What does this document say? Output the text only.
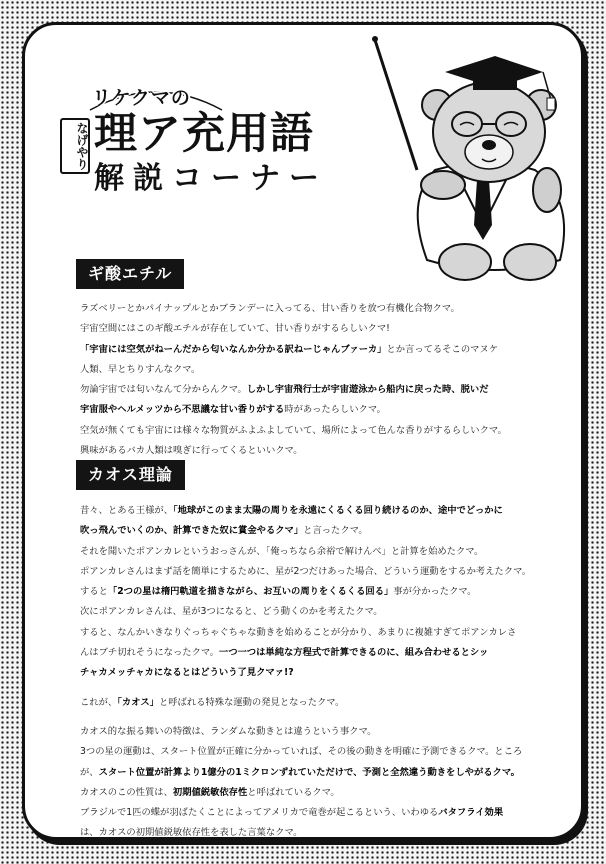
リケクマの
なげやり 理ア充用語
解説コーナー
ギ酸エチル
ラズベリーとかパイナップルとかブランデーに入ってる、甘い香りを放つ有機化合物クマ。
宇宙空間にはこのギ酸エチルが存在していて、甘い香りがするらしいクマ!
「宇宙には空気がねーんだから匂いなんか分かる訳ねーじゃんブァーカ」とか言ってるそこのマヌケ
人類、早とちりすんなクマ。
勿論宇宙では匂いなんて分からんクマ。しかし宇宙飛行士が宇宙遊泳から船内に戻った時、脱いだ
宇宙服やヘルメッツから不思議な甘い香りがする時があったらしいクマ。
空気が無くても宇宙には様々な物質がふよふよしていて、場所によって色んな香りがするらしいクマ。
興味があるバカ人類は嗅ぎに行ってくるといいクマ。
カオス理論
昔々、とある王様が、「地球がこのまま太陽の周りを永遠にくるくる回り続けるのか、途中でどっかに
吹っ飛んでいくのか、計算できた奴に賞金やるクマ」と言ったクマ。
それを聞いたポアンカレというおっさんが、「俺っちなら余裕で解けんべ」と計算を始めたクマ。
ポアンカレさんはまず話を簡単にするために、星が2つだけあった場合、どういう運動をするか考えたクマ。
すると「2つの星は楕円軌道を描きながら、お互いの周りをくるくる回る」事が分かったクマ。
次にポアンカレさんは、星が3つになると、どう動くのかを考えたクマ。
すると、なんかいきなりぐっちゃぐちゃな動きを始めることが分かり、あまりに複雑すぎてポアンカレさ
んはブチ切れそうになったクマ。一つ一つは単純な方程式で計算できるのに、組み合わせるとシッ
チャカメッチャカになるとはどういう了見クマァ!?
これが、「カオス」と呼ばれる特殊な運動の発見となったクマ。
カオス的な振る舞いの特徴は、ランダムな動きとは違うという事クマ。
3つの星の運動は、スタート位置が正確に分かっていれば、その後の動きを明確に予測できるクマ。ところ
が、スタート位置が計算より1億分の1ミクロンずれていただけで、予測と全然違う動きをしやがるクマ。
カオスのこの性質は、初期値鋭敏依存性と呼ばれているクマ。
ブラジルで1匹の蝶が羽ばたくことによってアメリカで竜巻が起こるという、いわゆるバタフライ効果
は、カオスの初期値鋭敏依存性を表した言葉なクマ。
